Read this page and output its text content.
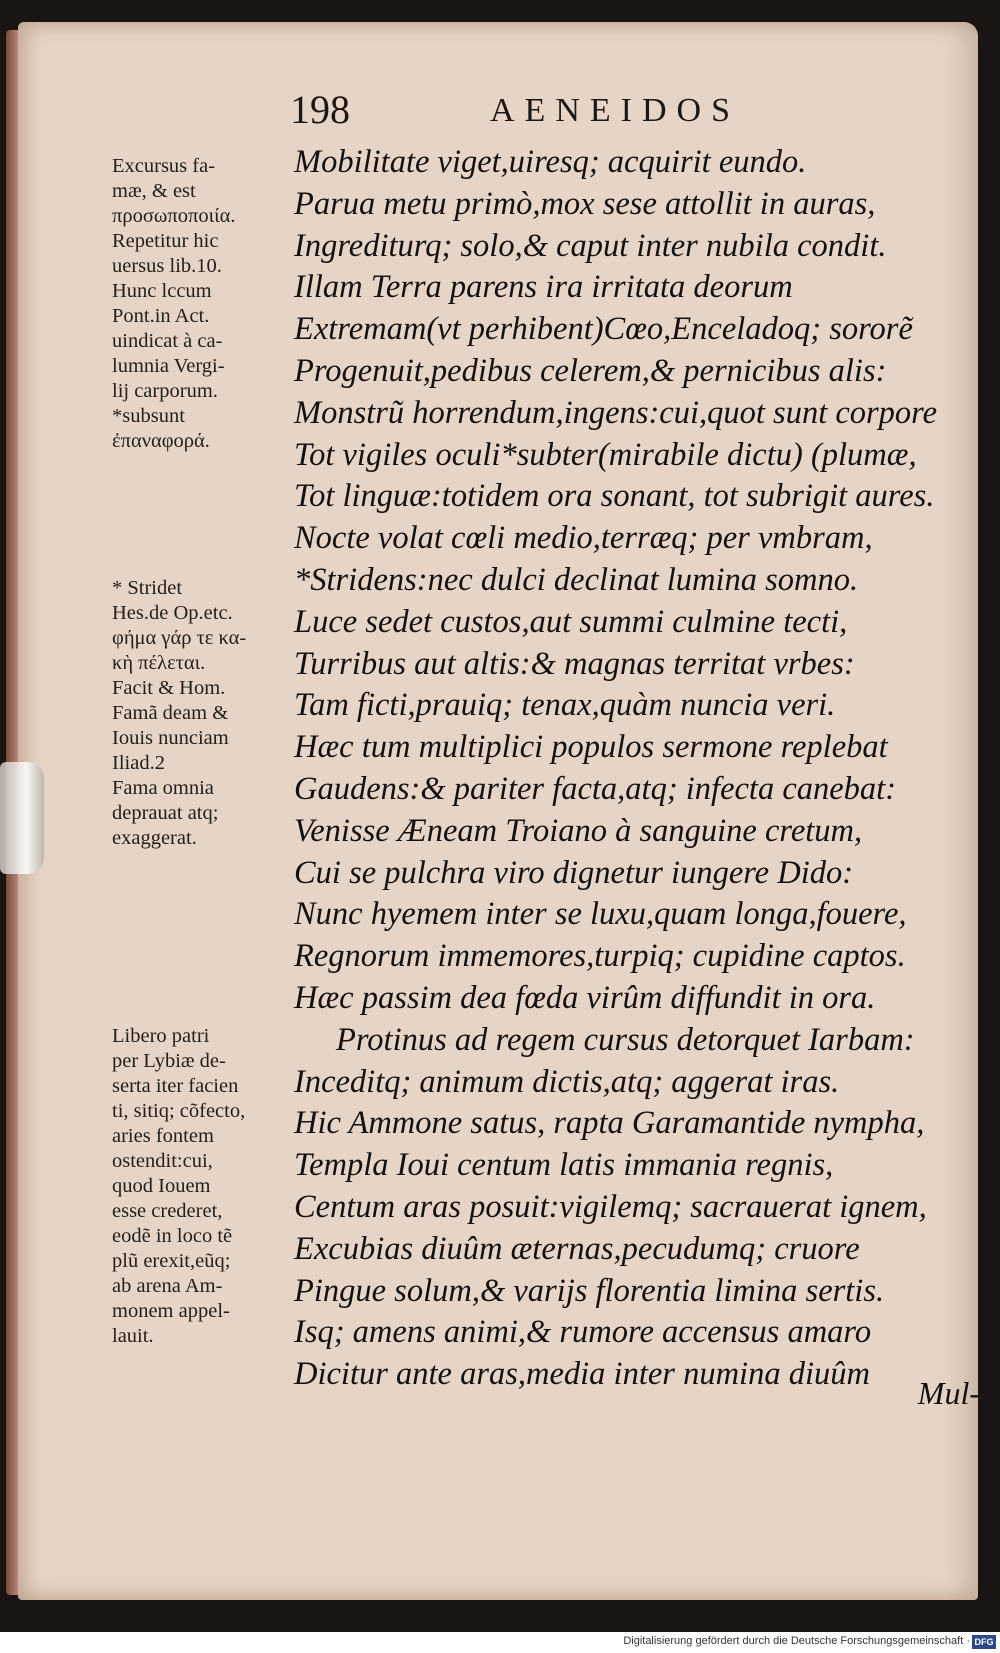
198	AENEIDOS
Excursus fa-
mæ, & est
προσωποποιία.
Repetitur hic
uersus lib.10.
Hunc lccum
Pont.in Act.
uindicat à ca-
lumnia Vergi-
lij carporum.
*subsunt
ἐπαναφορά.
* Stridet
Hes.de Op.etc.
φήμα γάρ τε κα-
κὴ πέλεται.
Facit & Hom.
Famã deam &
Iouis nunciam
Iliad.2
Fama omnia
deprauat atq;
exaggerat.
Libero patri
per Lybiæ de-
serta iter facien
ti, sitiq; cõfecto,
aries fontem
ostendit:cui,
quod Iouem
esse crederet,
eodẽ in loco tẽ
plũ erexit,eũq;
ab arena Am-
monem appel-
lauit.
Mobilitate viget,uiresq; acquirit eundo.
Parua metu primò,mox sese attollit in auras,
Ingrediturq; solo,& caput inter nubila condit.
Illam Terra parens ira irritata deorum
Extremam(vt perhibent)Cœo,Enceladoq; sororẽ
Progenuit,pedibus celerem,& pernicibus alis:
Monstrũ horrendum,ingens:cui,quot sunt corpore
Tot vigiles oculi*subter(mirabile dictu) (plumæ,
Tot linguæ:totidem ora sonant, tot subrigit aures.
Nocte volat cœli medio,terræq; per vmbram,
*Stridens:nec dulci declinat lumina somno.
Luce sedet custos,aut summi culmine tecti,
Turribus aut altis:& magnas territat vrbes:
Tam ficti,prauiq; tenax,quàm nuncia veri.
Hæc tum multiplici populos sermone replebat
Gaudens:& pariter facta,atq; infecta canebat:
Venisse Æneam Troiano à sanguine cretum,
Cui se pulchra viro dignetur iungere Dido:
Nunc hyemem inter se luxu,quam longa,fouere,
Regnorum immemores,turpiq; cupidine captos.
Hæc passim dea fœda virûm diffundit in ora.
Protinus ad regem cursus detorquet Iarbam:
Inceditq; animum dictis,atq; aggerat iras.
Hic Ammone satus, rapta Garamantide nympha,
Templa Ioui centum latis immania regnis,
Centum aras posuit:vigilemq; sacrauerat ignem,
Excubias diuûm æternas,pecudumq; cruore
Pingue solum,& varijs florentia limina sertis.
Isq; amens animi,& rumore accensus amaro
Dicitur ante aras,media inter numina diuûm
Mul-
Digitalisierung gefördert durch die Deutsche Forschungsgemeinschaft · DFG
